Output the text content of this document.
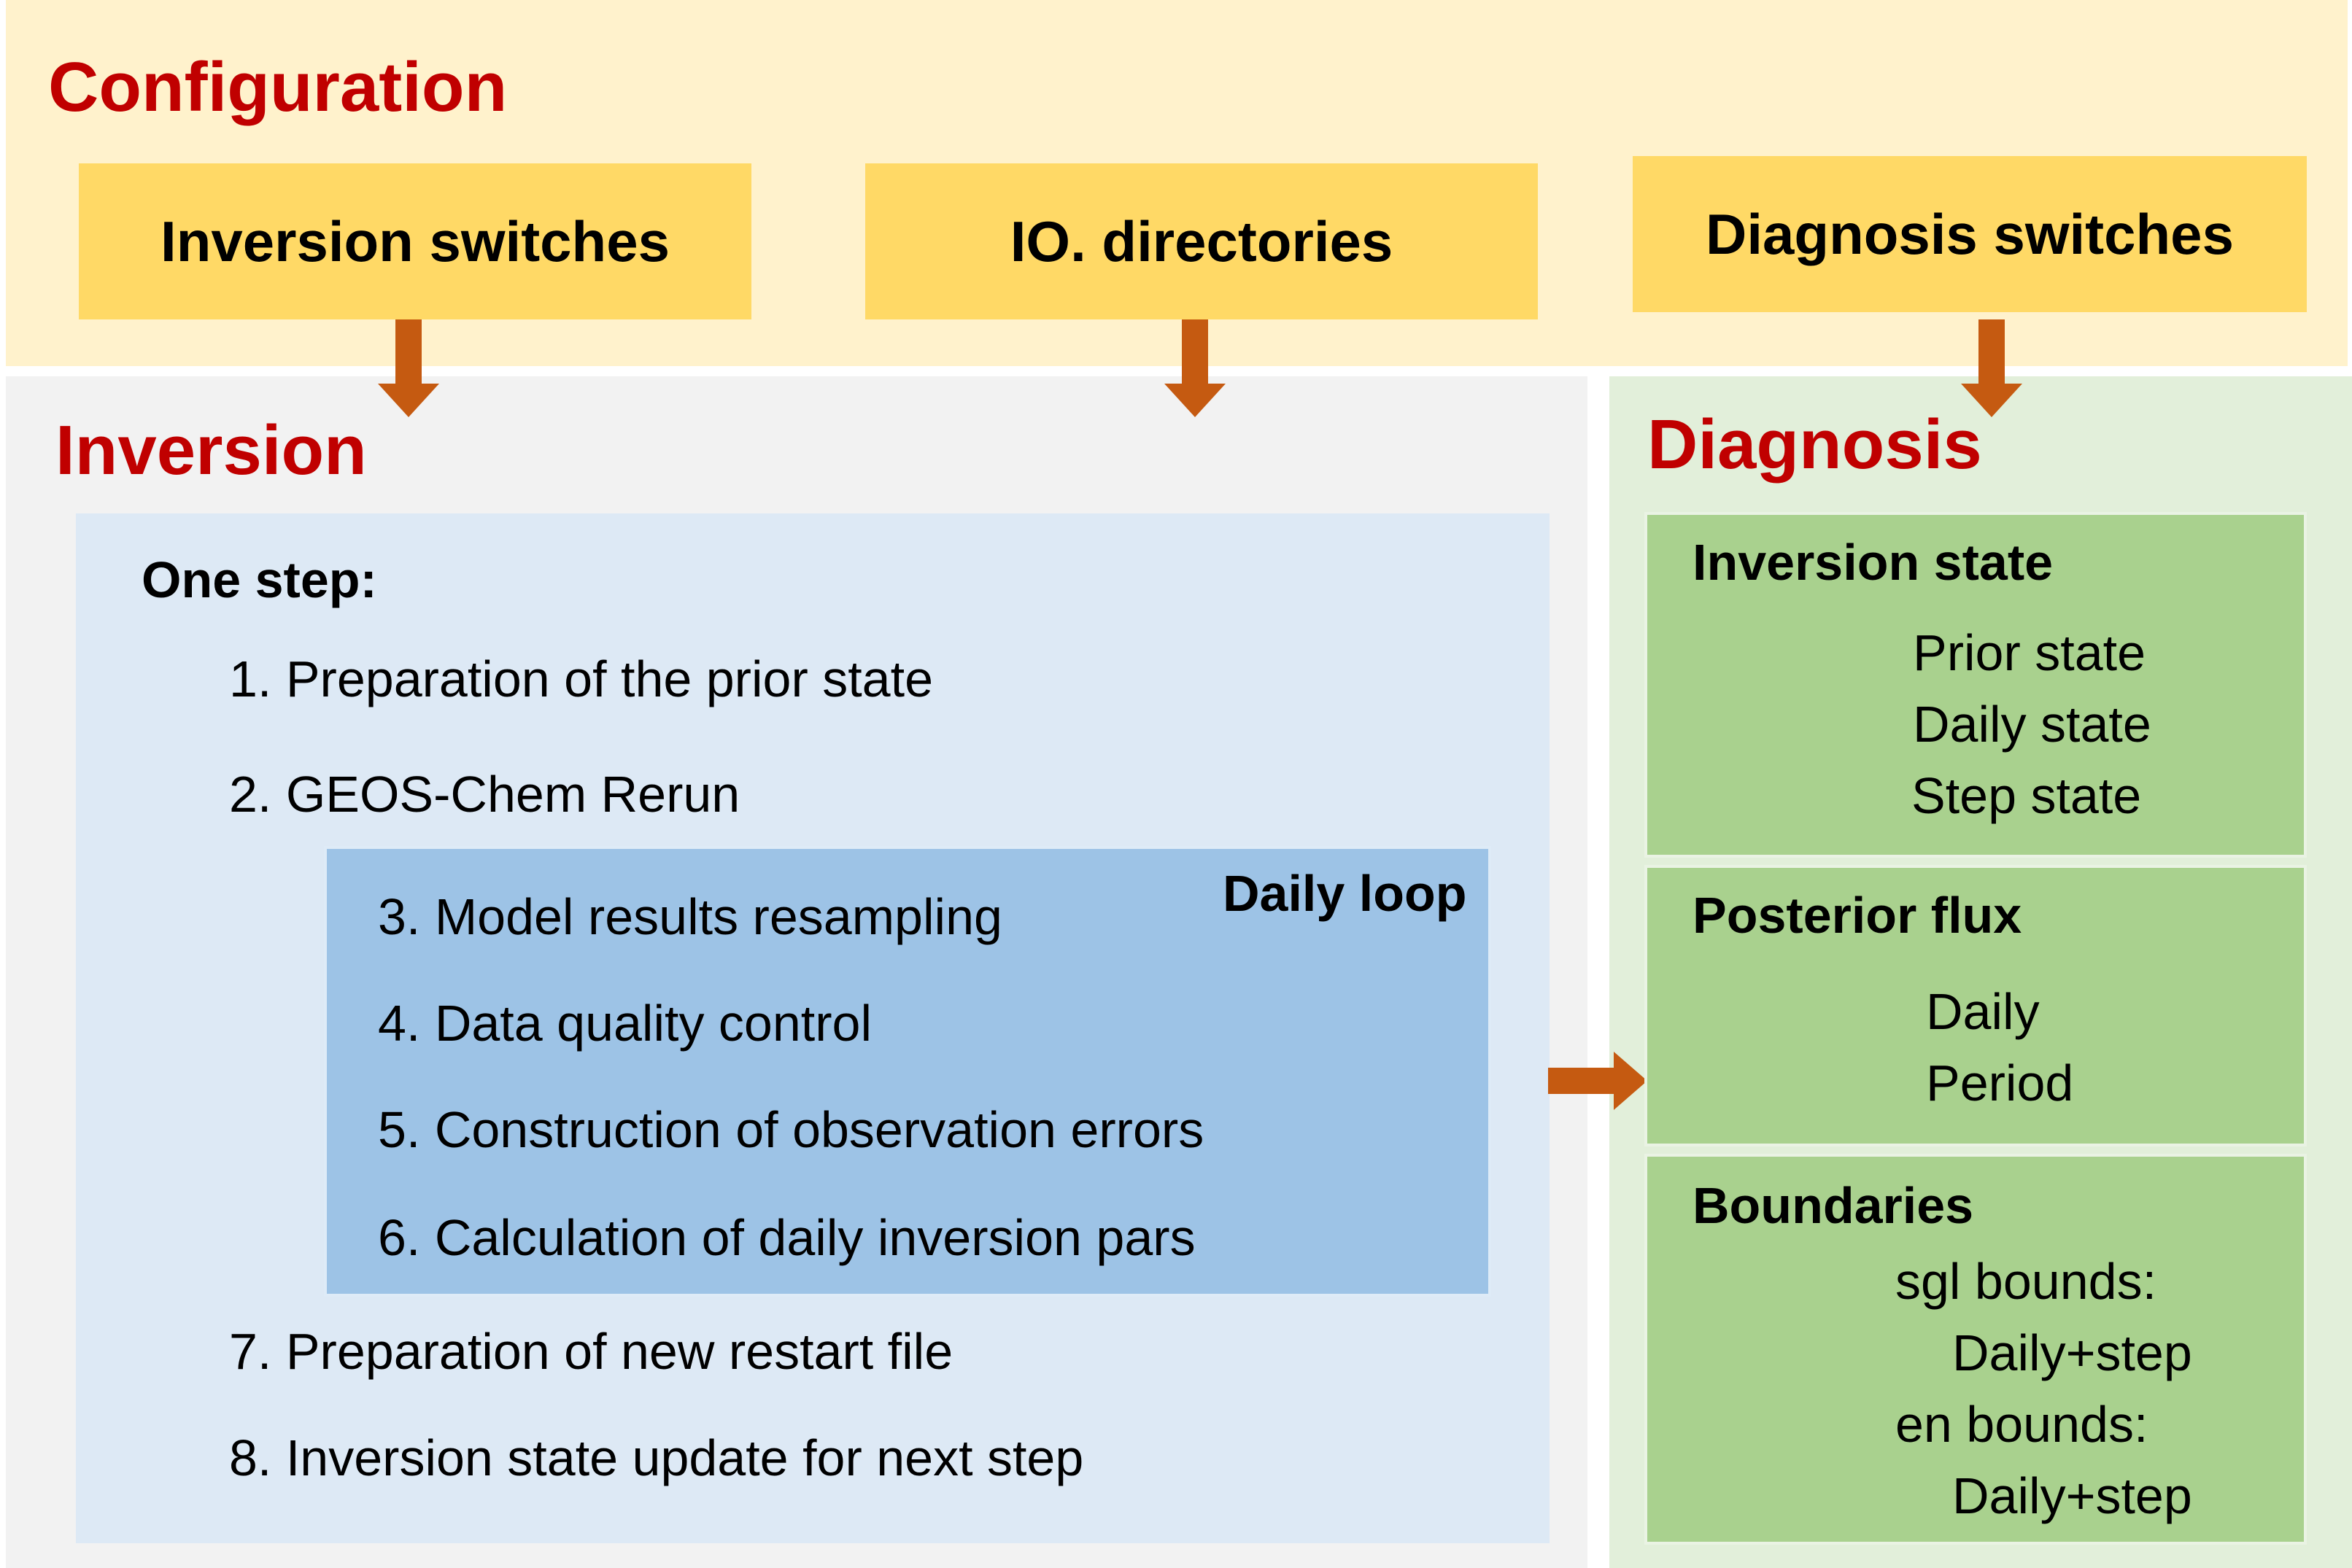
Configuration
Inversion switches	IO. directories	Diagnosis switches
Inversion
One step:
1. Preparation of the prior state
2. GEOS-Chem Rerun
Daily loop
3. Model results resampling
4. Data quality control
5. Construction of observation errors
6. Calculation of daily inversion pars
7. Preparation of new restart file
8. Inversion state update for next step
Diagnosis
Inversion state
Prior state
Daily state
Step state
Posterior flux
Daily
Period
Boundaries
sgl bounds:
Daily+step
en bounds:
Daily+step
